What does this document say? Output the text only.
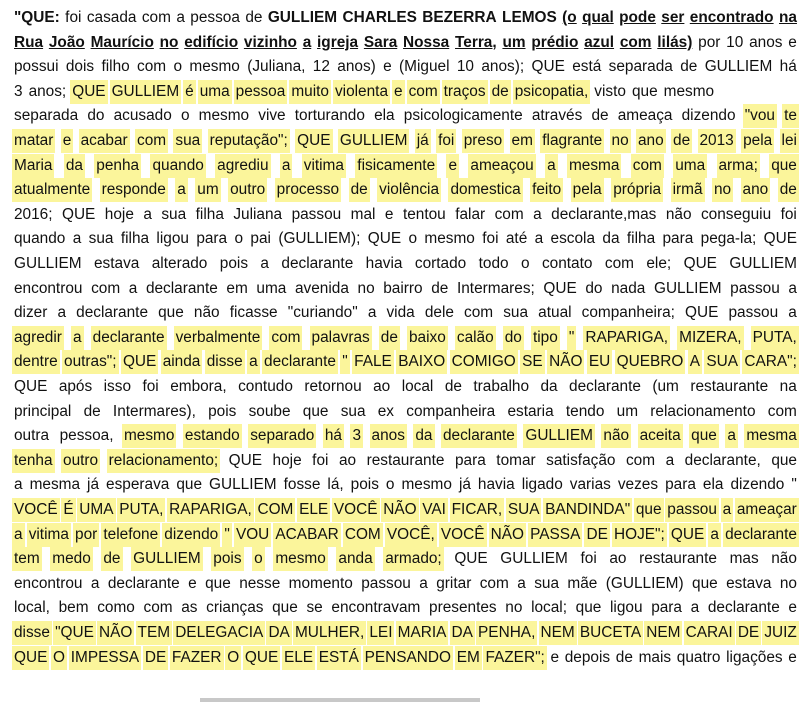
"QUE: foi casada com a pessoa de GULLIEM CHARLES BEZERRA LEMOS (o qual pode ser encontrado na
Rua João Maurício no edifício vizinho a igreja Sara Nossa Terra, um prédio azul com lilás) por 10 anos e
possui dois filho com o mesmo (Juliana, 12 anos) e (Miguel 10 anos); QUE está separada de GULLIEM há
3 anos; QUE GULLIEM é uma pessoa muito violenta e com traços de psicopatia, visto que mesmo
separada do acusado o mesmo vive torturando ela psicologicamente através de ameaça dizendo "vou te
matar e acabar com sua reputação"; QUE GULLIEM já foi preso em flagrante no ano de 2013 pela lei
Maria da penha quando agrediu a vitima fisicamente e ameaçou a mesma com uma arma; que
atualmente responde a um outro processo de violência domestica feito pela própria irmã no ano de
2016; QUE hoje a sua filha Juliana passou mal e tentou falar com a declarante,mas não conseguiu foi
quando a sua filha ligou para o pai (GULLIEM); QUE o mesmo foi até a escola da filha para pega-la; QUE
GULLIEM estava alterado pois a declarante havia cortado todo o contato com ele; QUE GULLIEM
encontrou com a declarante em uma avenida no bairro de Intermares; QUE do nada GULLIEM passou a
dizer a declarante que não ficasse "curiando" a vida dele com sua atual companheira; QUE passou a
agredir a declarante verbalmente com palavras de baixo calão do tipo " RAPARIGA, MIZERA, PUTA,
dentre outras"; QUE ainda disse a declarante " FALE BAIXO COMIGO SE NÃO EU QUEBRO A SUA CARA";
QUE após isso foi embora, contudo retornou ao local de trabalho da declarante (um restaurante na
principal de Intermares), pois soube que sua ex companheira estaria tendo um relacionamento com
outra pessoa, mesmo estando separado há 3 anos da declarante GULLIEM não aceita que a mesma
tenha outro relacionamento; QUE hoje foi ao restaurante para tomar satisfação com a declarante, que
a mesma já esperava que GULLIEM fosse lá, pois o mesmo já havia ligado varias vezes para ela dizendo "
VOCÊ É UMA PUTA, RAPARIGA, COM ELE VOCÊ NÃO VAI FICAR, SUA BANDINDA" que passou a ameaçar
a vitima por telefone dizendo " VOU ACABAR COM VOCÊ, VOCÊ NÃO PASSA DE HOJE"; QUE a declarante
tem medo de GULLIEM pois o mesmo anda armado; QUE GULLIEM foi ao restaurante mas não
encontrou a declarante e que nesse momento passou a gritar com a sua mãe (GULLIEM) que estava no
local, bem como com as crianças que se encontravam presentes no local; que ligou para a declarante e
disse "QUE NÃO TEM DELEGACIA DA MULHER, LEI MARIA DA PENHA, NEM BUCETA NEM CARAI DE JUIZ
QUE O IMPESSA DE FAZER O QUE ELE ESTÁ PENSANDO EM FAZER"; e depois de mais quatro ligações e
